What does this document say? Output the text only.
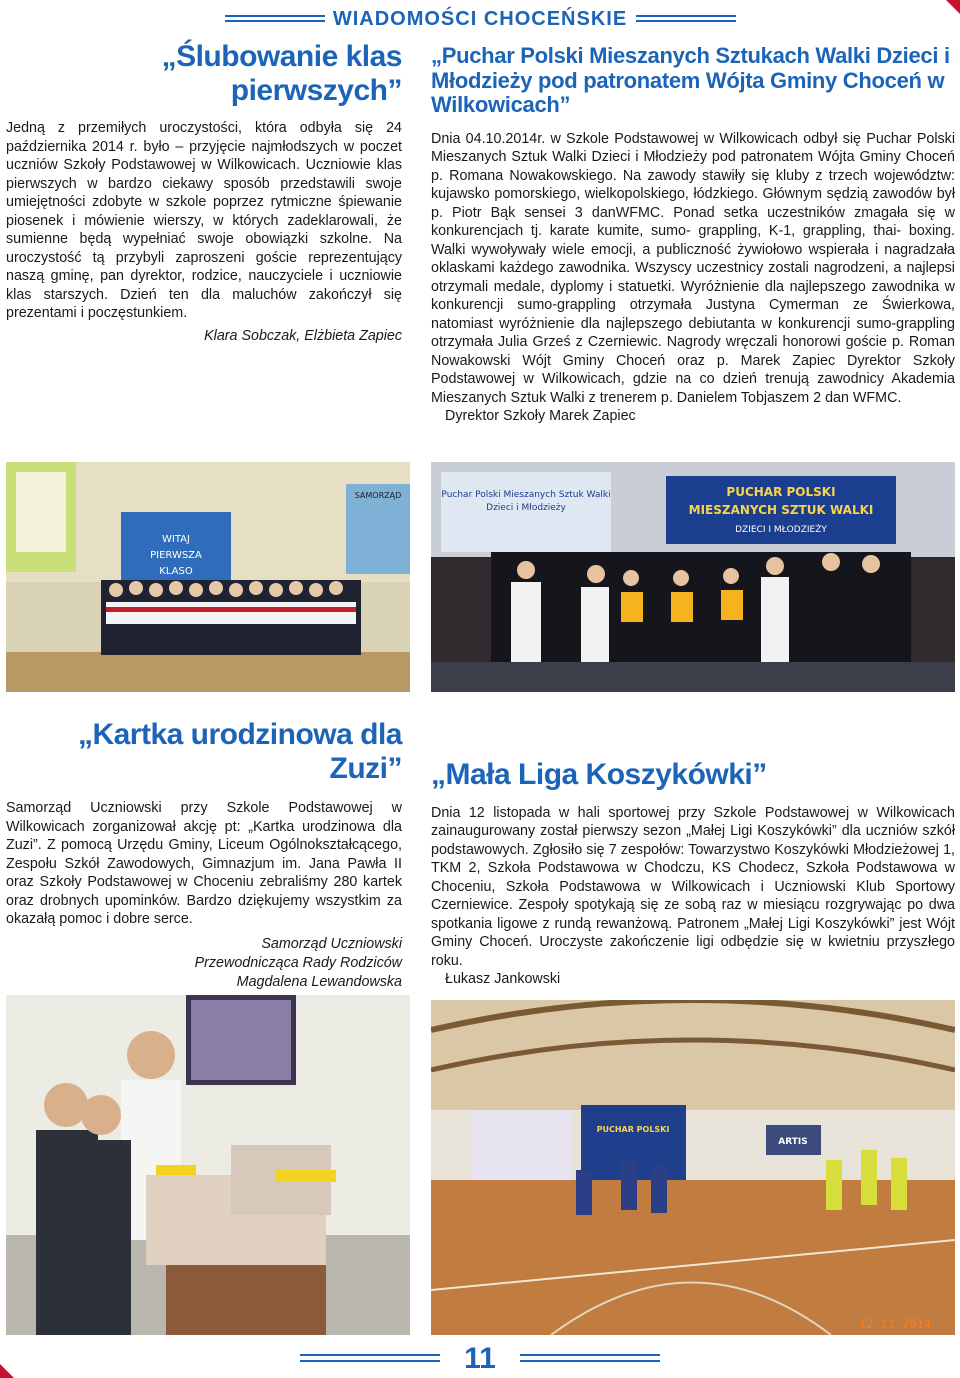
WIADOMOŚCI CHOCEŃSKIE
„Ślubowanie klas pierwszych”

Jedną z przemiłych uroczystości, która odbyła się 24 października 2014 r. było – przyjęcie najmłodszych w poczet uczniów Szkoły Podstawowej w Wilkowicach. Uczniowie klas pierwszych w bardzo ciekawy sposób przedstawili swoje umiejętności zdobyte w szkole poprzez rytmiczne śpiewanie piosenek i mówienie wierszy, w których zadeklarowali, że sumienne będą wypełniać swoje obowiązki szkolne. Na uroczystość tą przybyli zaproszeni goście reprezentujący naszą gminę, pan dyrektor, rodzice, nauczyciele i uczniowie klas starszych. Dzień ten dla maluchów zakończył się prezentami i poczęstunkiem.

Klara Sobczak, Elżbieta Zapiec

„Puchar Polski Mieszanych Sztukach Walki Dzieci i Młodzieży pod patronatem Wójta Gminy Choceń w Wilkowicach”

Dnia 04.10.2014r. w Szkole Podstawowej w Wilkowicach odbył się Puchar Polski Mieszanych Sztuk Walki Dzieci i Młodzieży pod patronatem Wójta Gminy Choceń p. Romana Nowakowskiego. Na zawody stawiły się kluby z trzech województw: kujawsko pomorskiego, wielkopolskiego, łódzkiego. Głównym sędzią zawodów był p. Piotr Bąk sensei 3 danWFMC. Ponad setka uczestników zmagała się w konkurencjach tj. karate kumite, sumo- grappling, K-1, grappling, thai- boxing. Walki wywoływały wiele emocji, a publiczność żywiołowo wspierała i nagradzała oklaskami każdego zawodnika. Wszyscy uczestnicy zostali nagrodzeni, a najlepsi otrzymali medale, dyplomy i statuetki. Wyróżnienie dla najlepszego zawodnika w konkurencji sumo-grappling otrzymała Justyna Cymerman ze Świerkowa, natomiast wyróżnienie dla najlepszego debiutanta w konkurencji sumo-grappling otrzymała Julia Grześ z Czerniewic. Nagrody wręczali honorowi goście p. Roman Nowakowski Wójt Gminy Choceń oraz p. Marek Zapiec Dyrektor Szkoły Podstawowej w Wilkowicach, gdzie na co dzień trenują zawodnicy Akademia Mieszanych Sztuk Walki z trenerem p. Danielem Tobjaszem 2 dan WFMC.

Dyrektor Szkoły Marek Zapiec

WITAJ
PIERWSZA
KLASO
SAMORZĄD	Puchar Polski Mieszanych Sztuk Walki
Dzieci i Młodzieży
PUCHAR POLSKI
MIESZANYCH SZTUK WALKI
DZIECI I MŁODZIEŻY
„Kartka urodzinowa dla Zuzi”

Samorząd Uczniowski przy Szkole Podstawowej w Wilkowicach zorganizował akcję pt: „Kartka urodzinowa dla Zuzi”. Z pomocą Urzędu Gminy, Liceum Ogólnokształcącego, Zespołu Szkół Zawodowych, Gimnazjum im. Jana Pawła II oraz Szkoły Podstawowej w Choceniu zebraliśmy 280 kartek oraz drobnych upominków. Bardzo dziękujemy wszystkim za okazałą pomoc i dobre serce.

Samorząd Uczniowski

Przewodnicząca Rady Rodziców

Magdalena Lewandowska

„Mała Liga Koszykówki”

Dnia 12 listopada w hali sportowej przy Szkole Podstawowej w Wilkowicach zainaugurowany został pierwszy sezon „Małej Ligi Koszykówki” dla uczniów szkół podstawowych. Zgłosiło się 7 zespołów: Towarzystwo Koszykówki Młodzieżowej 1, TKM 2, Szkoła Podstawowa w Chodczu, KS Chodecz, Szkoła Podstawowa w Choceniu, Szkoła Podstawowa w Wilkowicach i Uczniowski Klub Sportowy Czerniewice. Zespoły spotykają się ze sobą raz w miesiącu rozgrywając po dwa spotkania ligowe z rundą rewanżową. Patronem „Małej Ligi Koszykówki” jest Wójt Gminy Choceń. Uroczyste zakończenie ligi odbędzie się w kwietniu przyszłego roku.

Łukasz Jankowski

PUCHAR POLSKI
ARTIS
12 11 2014
11
